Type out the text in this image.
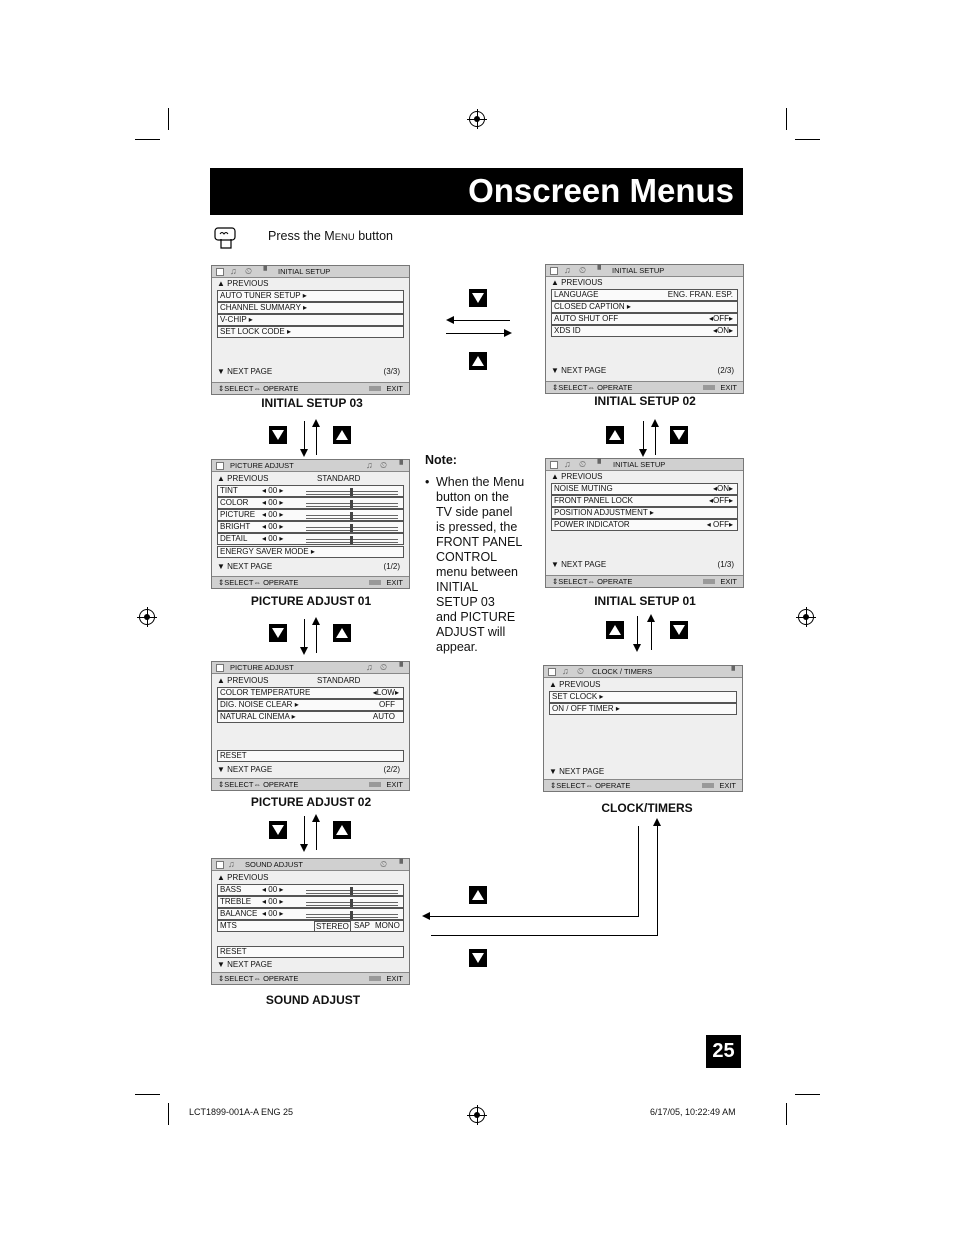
Onscreen Menus
Press the MENU button
♫ ⏲ ▝ INITIAL SETUP
▲ PREVIOUS
AUTO TUNER SETUP ▸
CHANNEL SUMMARY ▸
V-CHIP ▸
SET LOCK CODE ▸
▼ NEXT PAGE	(3/3)
⇕SELECT⇔ OPERATE	EXIT
INITIAL SETUP 03
♫ ⏲ ▝ INITIAL SETUP
▲ PREVIOUS
LANGUAGE	ENG. FRAN. ESP.
CLOSED CAPTION ▸
AUTO SHUT OFF	◂OFF▸
XDS ID	◂ON▸
▼ NEXT PAGE	(2/3)
⇕SELECT⇔ OPERATE	EXIT
INITIAL SETUP 02
PICTURE ADJUST	♫ ⏲ ▝
▲ PREVIOUS	STANDARD
TINT	◂ 00 ▸
COLOR ◂ 00 ▸
PICTURE ◂ 00 ▸
BRIGHT ◂ 00 ▸
DETAIL ◂ 00 ▸
ENERGY SAVER MODE ▸
▼ NEXT PAGE	(1/2)
⇕SELECT⇔ OPERATE	EXIT
PICTURE ADJUST 01
Note:
• When the Menu
button on the
TV side panel
is pressed, the
FRONT PANEL
CONTROL
menu between
INITIAL
SETUP 03
and PICTURE
ADJUST will
appear.
♫ ⏲ ▝ INITIAL SETUP
▲ PREVIOUS
NOISE MUTING	◂ON▸
FRONT PANEL LOCK	◂OFF▸
POSITION ADJUSTMENT ▸
POWER INDICATOR	◂ OFF▸
▼ NEXT PAGE	(1/3)
⇕SELECT⇔ OPERATE	EXIT
INITIAL SETUP 01
PICTURE ADJUST	♫ ⏲ ▝
▲ PREVIOUS	STANDARD
COLOR TEMPERATURE	◂LOW▸
DIG. NOISE CLEAR ▸	OFF
NATURAL CINEMA ▸	AUTO
RESET
▼ NEXT PAGE	(2/2)
⇕SELECT⇔ OPERATE	EXIT
PICTURE ADJUST 02
♫ ⏲ CLOCK / TIMERS	▝
▲ PREVIOUS
SET CLOCK ▸
ON / OFF TIMER ▸
▼ NEXT PAGE
⇕SELECT⇔ OPERATE	EXIT
CLOCK/TIMERS
♫ SOUND ADJUST	⏲ ▝
▲ PREVIOUS
BASS	◂ 00 ▸
TREBLE ◂ 00 ▸
BALANCE ◂ 00 ▸
MTS	STEREO SAP MONO
RESET
▼ NEXT PAGE
⇕SELECT⇔ OPERATE	EXIT
SOUND ADJUST
25
LCT1899-001A-A ENG 25	6/17/05, 10:22:49 AM
